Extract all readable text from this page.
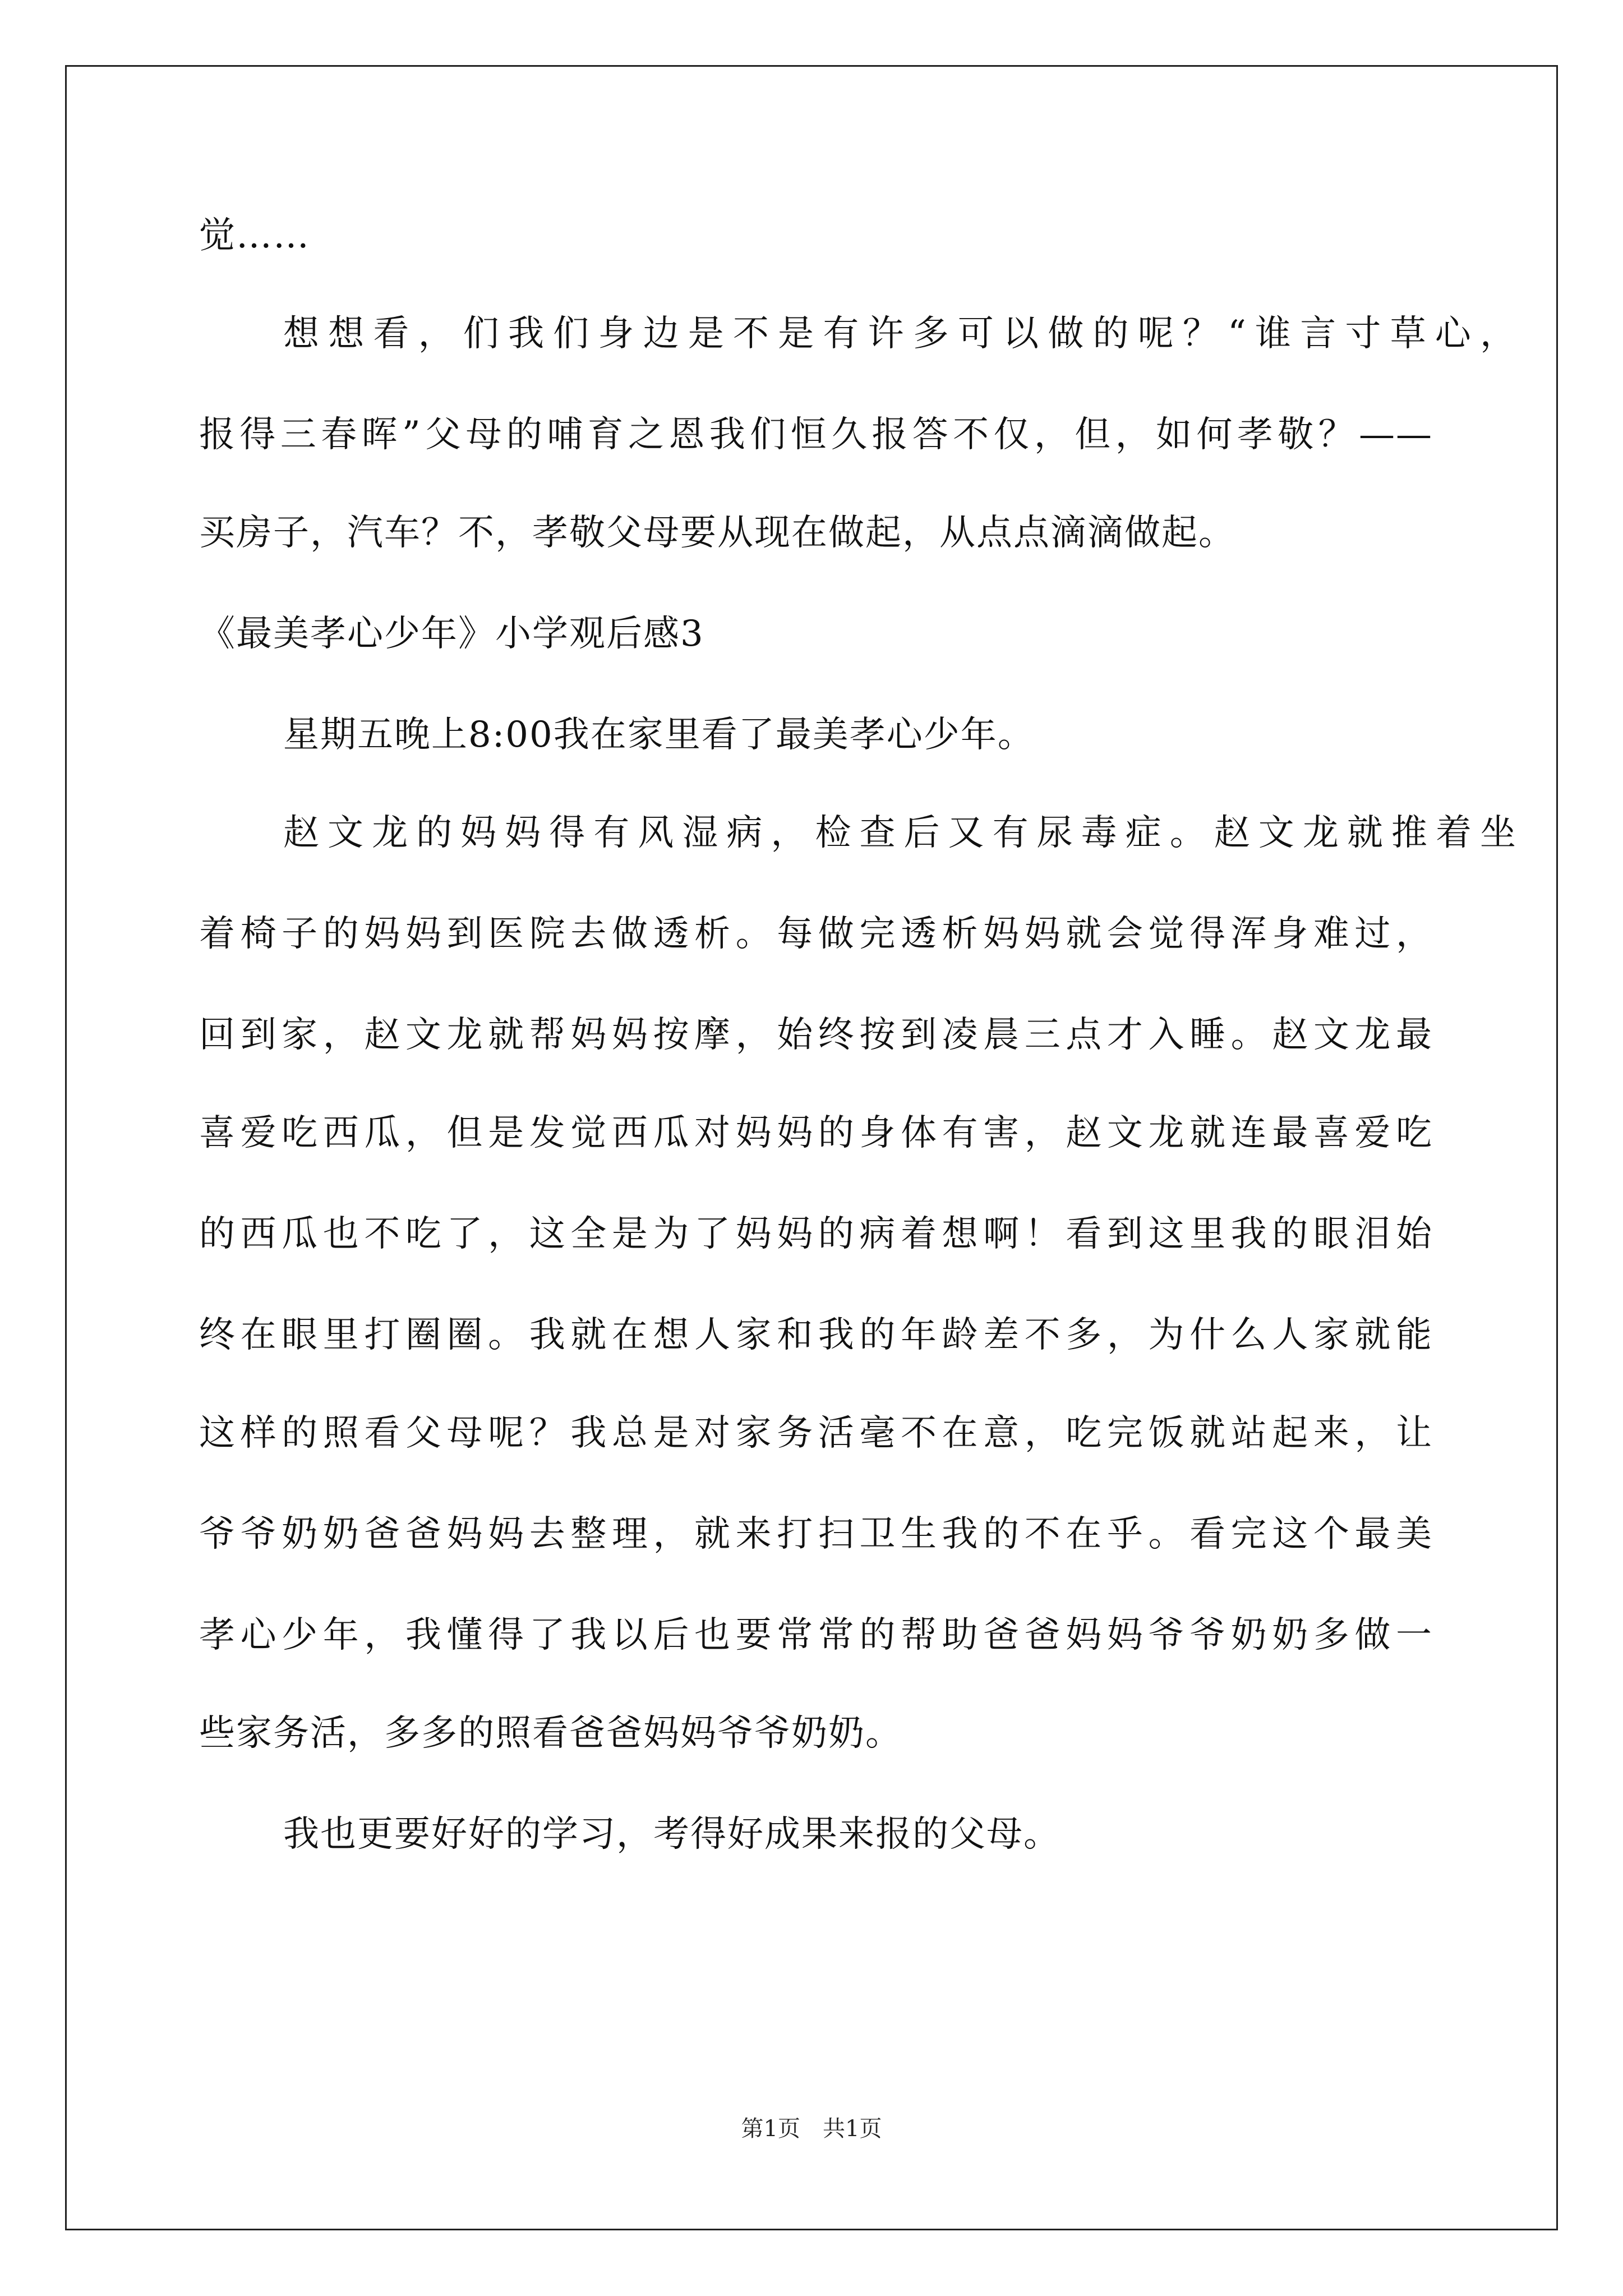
觉……
想想看，们我们身边是不是有许多可以做的呢？“谁言寸草心，
报得三春晖”父母的哺育之恩我们恒久报答不仅，但，如何孝敬？——
买房子，汽车？不，孝敬父母要从现在做起，从点点滴滴做起。
《最美孝心少年》小学观后感3
星期五晚上8:00我在家里看了最美孝心少年。
赵文龙的妈妈得有风湿病，检查后又有尿毒症。赵文龙就推着坐
着椅子的妈妈到医院去做透析。每做完透析妈妈就会觉得浑身难过，
回到家，赵文龙就帮妈妈按摩，始终按到凌晨三点才入睡。赵文龙最
喜爱吃西瓜，但是发觉西瓜对妈妈的身体有害，赵文龙就连最喜爱吃
的西瓜也不吃了，这全是为了妈妈的病着想啊！看到这里我的眼泪始
终在眼里打圈圈。我就在想人家和我的年龄差不多，为什么人家就能
这样的照看父母呢？我总是对家务活毫不在意，吃完饭就站起来，让
爷爷奶奶爸爸妈妈去整理，就来打扫卫生我的不在乎。看完这个最美
孝心少年，我懂得了我以后也要常常的帮助爸爸妈妈爷爷奶奶多做一
些家务活，多多的照看爸爸妈妈爷爷奶奶。
我也更要好好的学习，考得好成果来报的父母。
第1页　共1页
